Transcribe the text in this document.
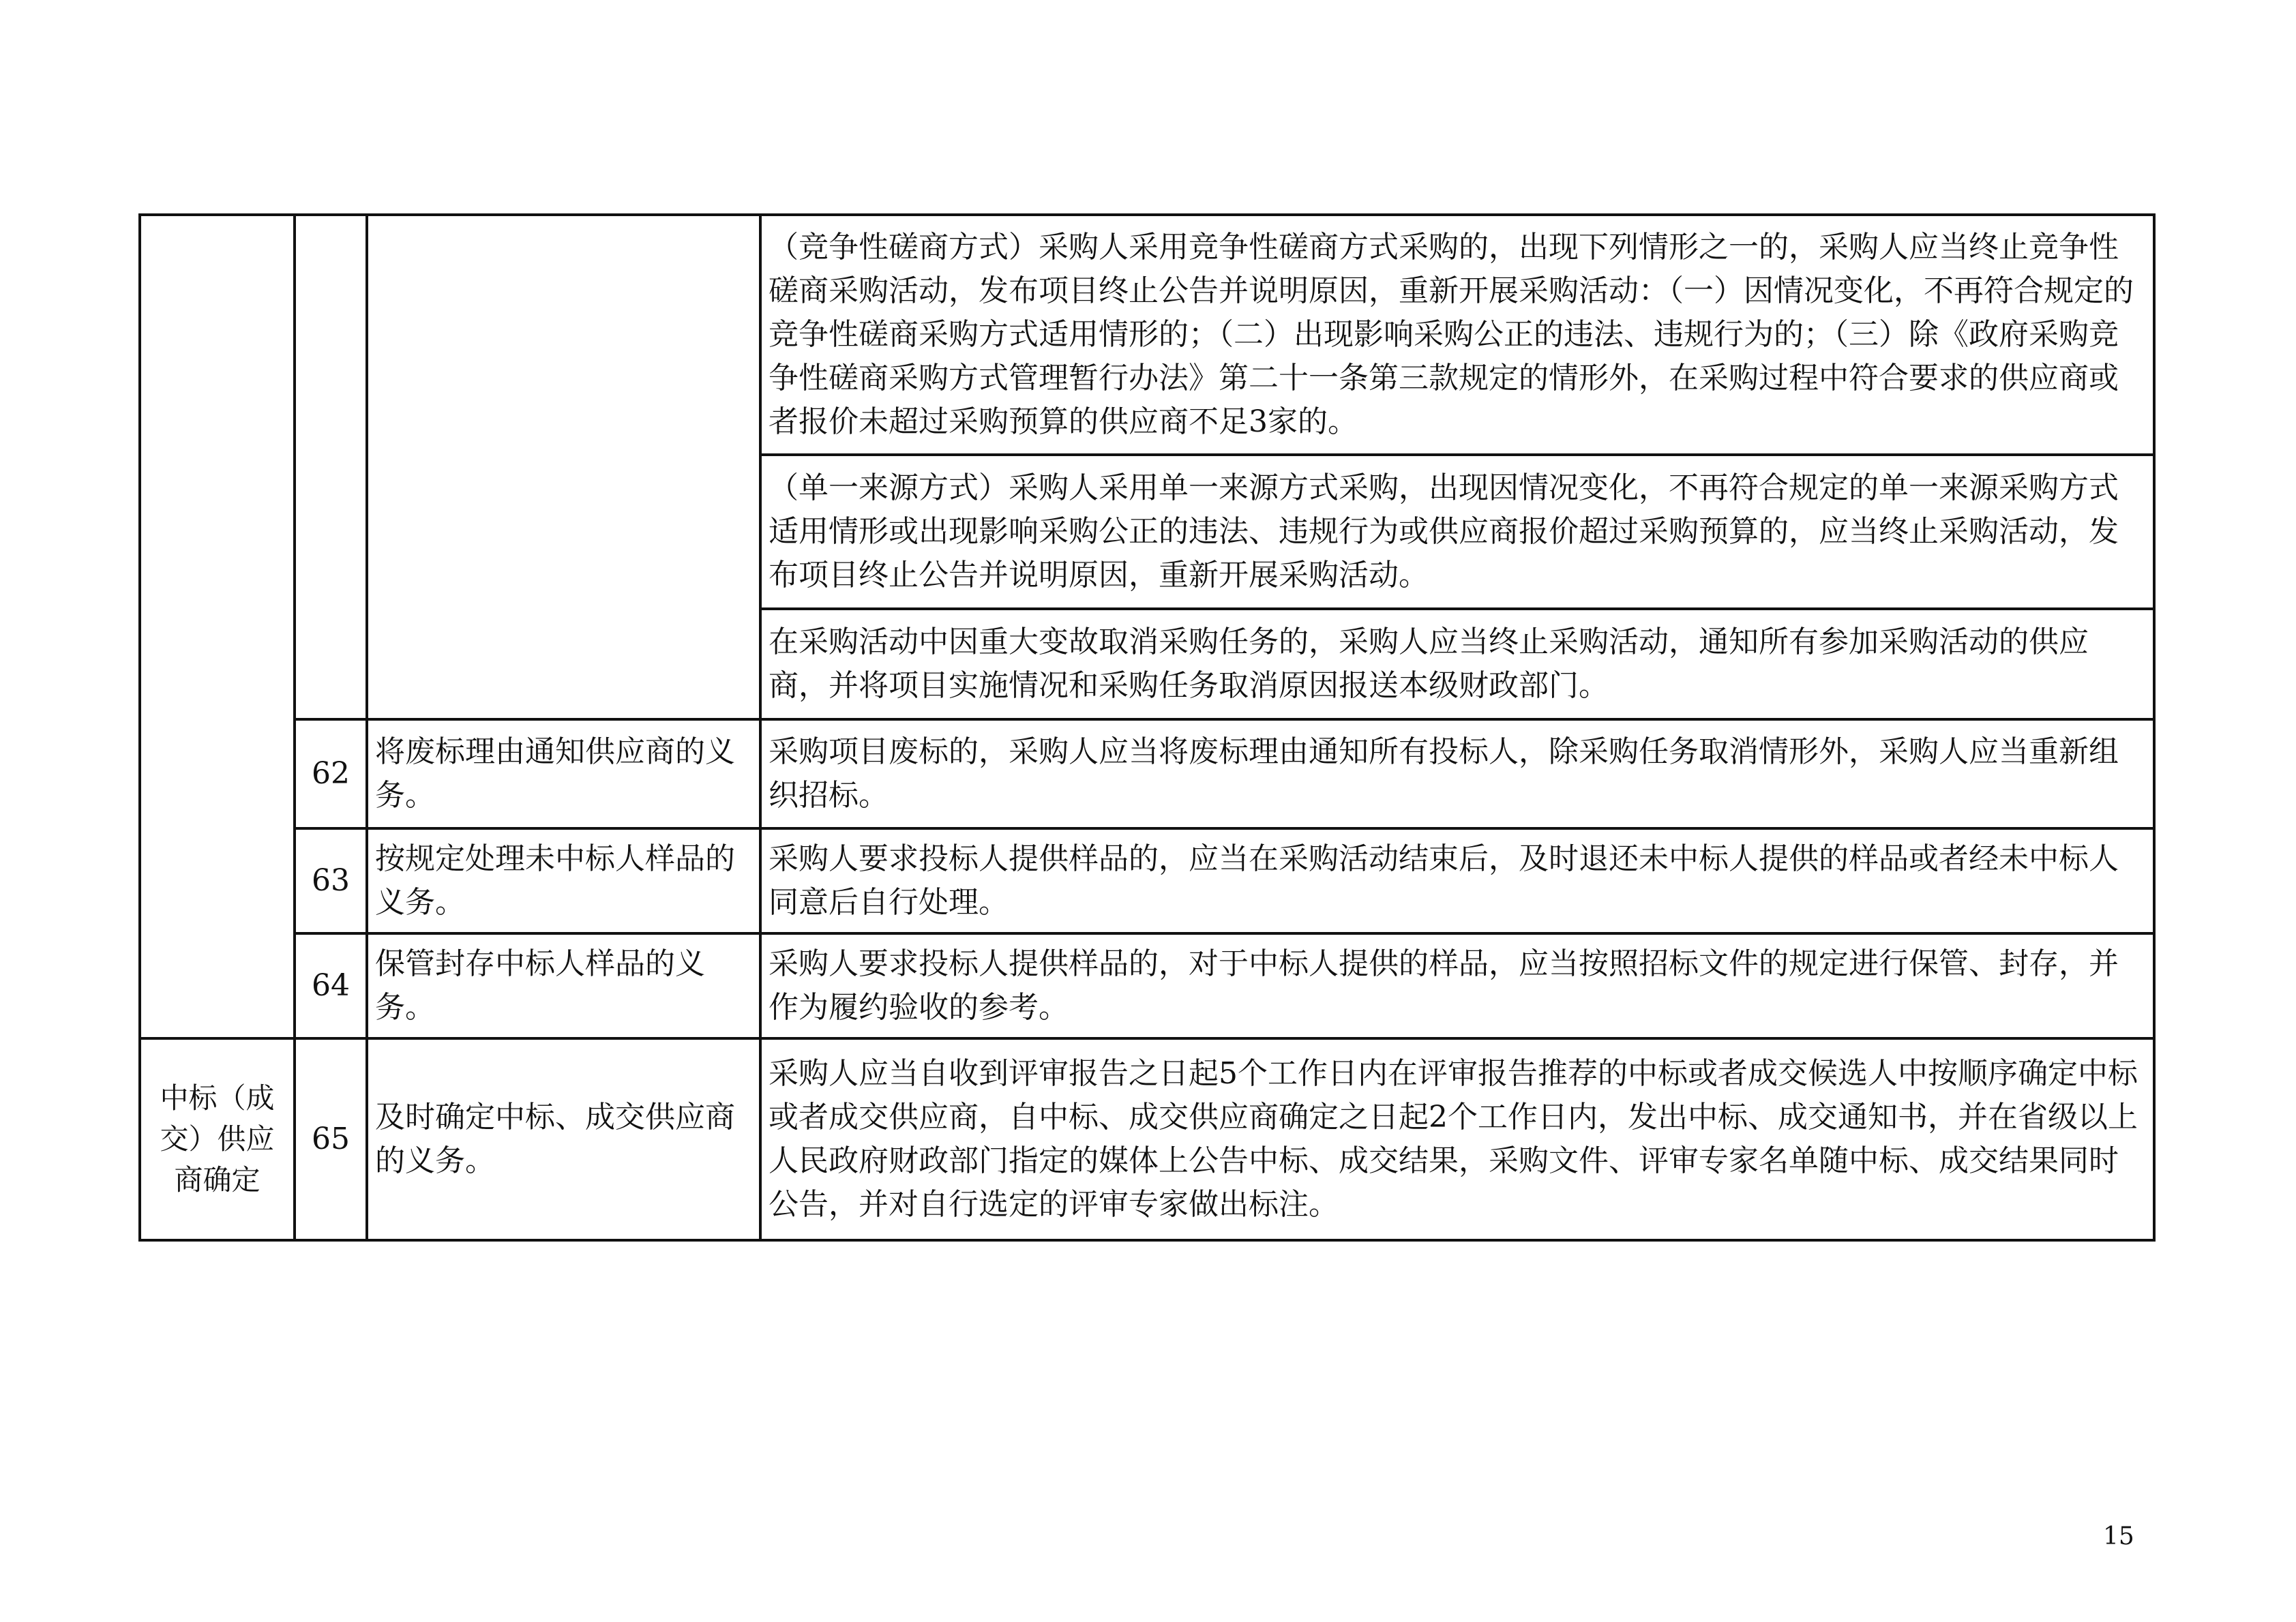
			（竞争性磋商方式）采购人采用竞争性磋商方式采购的，出现下列情形之一的，采购人应当终止竞争性磋商采购活动，发布项目终止公告并说明原因，重新开展采购活动：（一）因情况变化，不再符合规定的竞争性磋商采购方式适用情形的；（二）出现影响采购公正的违法、违规行为的；（三）除《政府采购竞争性磋商采购方式管理暂行办法》第二十一条第三款规定的情形外，在采购过程中符合要求的供应商或者报价未超过采购预算的供应商不足3家的。
			（单一来源方式）采购人采用单一来源方式采购，出现因情况变化，不再符合规定的单一来源采购方式适用情形或出现影响采购公正的违法、违规行为或供应商报价超过采购预算的，应当终止采购活动，发布项目终止公告并说明原因，重新开展采购活动。
			在采购活动中因重大变故取消采购任务的，采购人应当终止采购活动，通知所有参加采购活动的供应商，并将项目实施情况和采购任务取消原因报送本级财政部门。
	62	将废标理由通知供应商的义务。	采购项目废标的，采购人应当将废标理由通知所有投标人，除采购任务取消情形外，采购人应当重新组织招标。
	63	按规定处理未中标人样品的义务。	采购人要求投标人提供样品的，应当在采购活动结束后，及时退还未中标人提供的样品或者经未中标人同意后自行处理。
	64	保管封存中标人样品的义务。	采购人要求投标人提供样品的，对于中标人提供的样品，应当按照招标文件的规定进行保管、封存，并作为履约验收的参考。
中标（成交）供应商确定	65	及时确定中标、成交供应商的义务。	采购人应当自收到评审报告之日起5个工作日内在评审报告推荐的中标或者成交候选人中按顺序确定中标或者成交供应商，自中标、成交供应商确定之日起2个工作日内，发出中标、成交通知书，并在省级以上人民政府财政部门指定的媒体上公告中标、成交结果，采购文件、评审专家名单随中标、成交结果同时公告，并对自行选定的评审专家做出标注。
15
